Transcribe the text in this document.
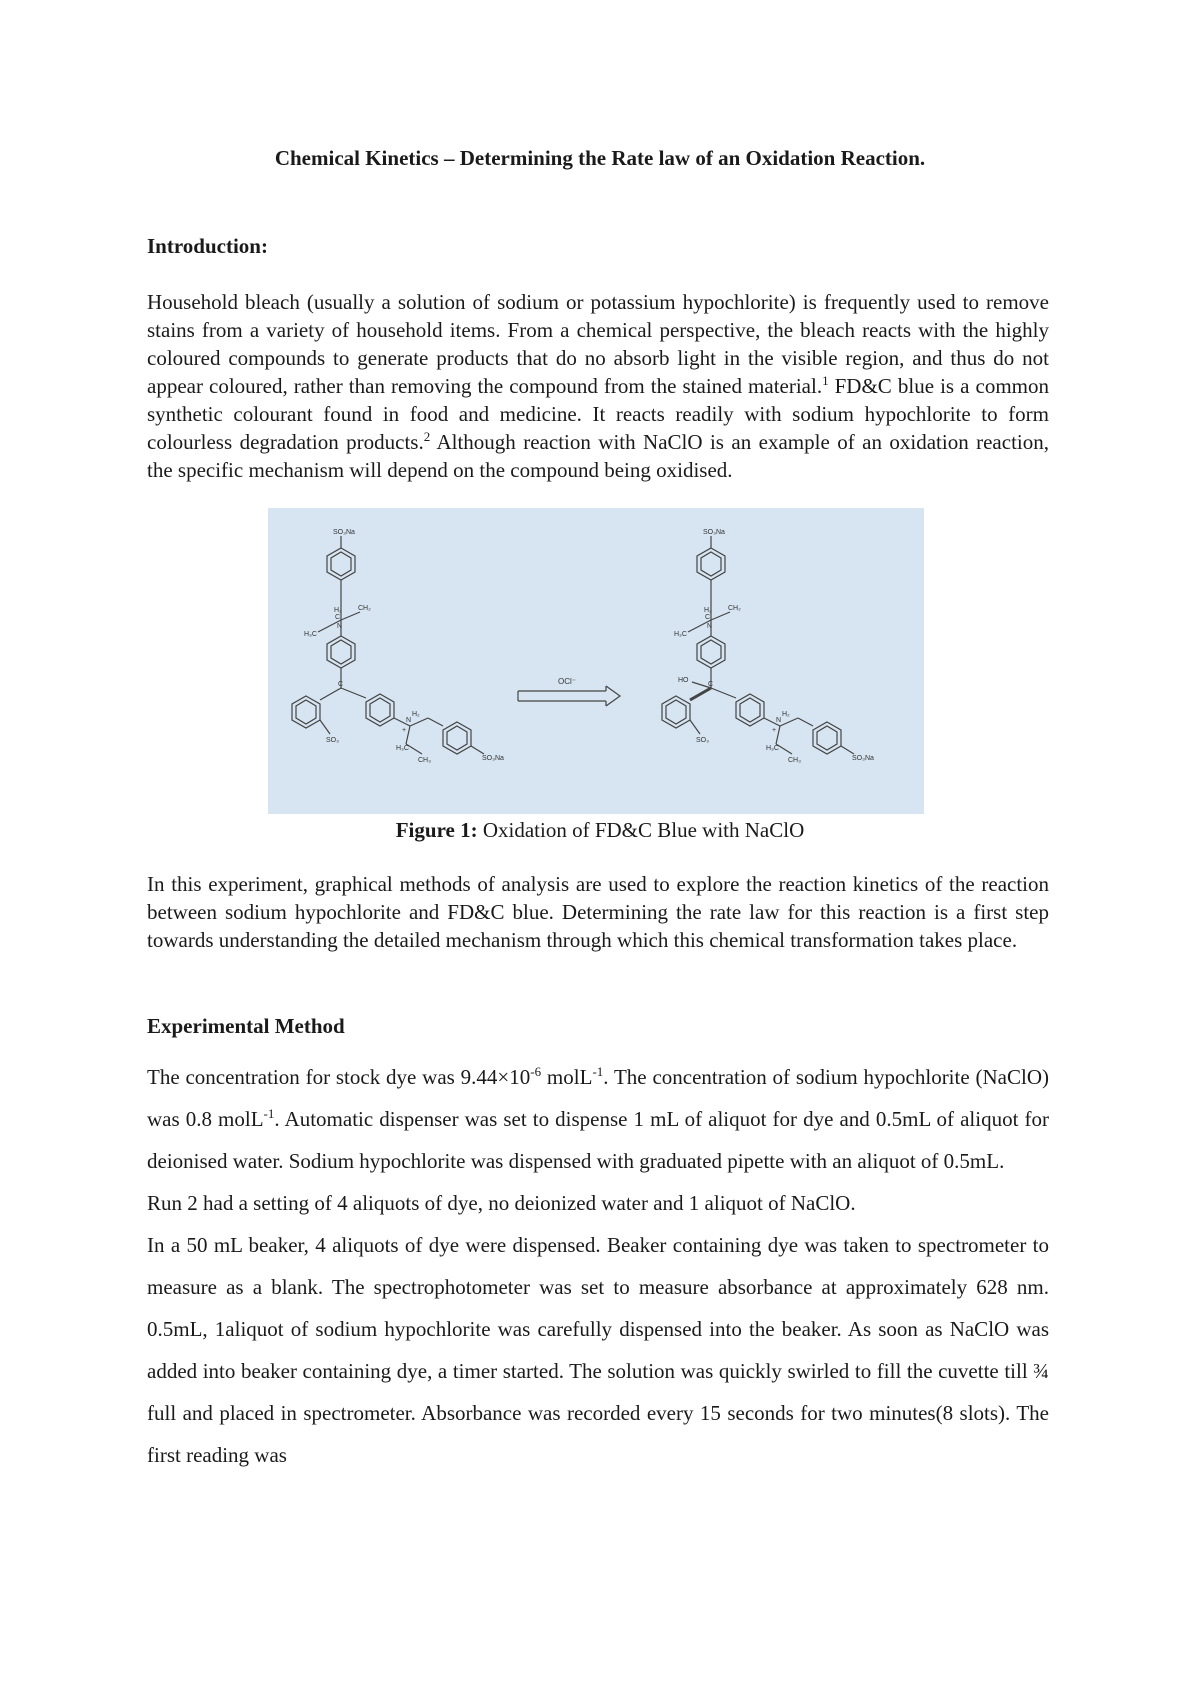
Chemical Kinetics – Determining the Rate law of an Oxidation Reaction.
Introduction:

Household bleach (usually a solution of sodium or potassium hypochlorite) is frequently used to remove stains from a variety of household items. From a chemical perspective, the bleach reacts with the highly coloured compounds to generate products that do no absorb light in the visible region, and thus do not appear coloured, rather than removing the compound from the stained material.$^1$ FD&C blue is a common synthetic colourant found in food and medicine. It reacts readily with sodium hypochlorite to form colourless degradation products.$^2$ Although reaction with NaClO is an example of an oxidation reaction, the specific mechanism will depend on the compound being oxidised.

SO₃Na
H₂
C
H₃C
CH₂
N
C
SO₃
N
+
H₂
H₃C
CH₃	SO₃Na
OCl⁻
SO₃Na
H₂
C
H₃C
CH₂
N
HO
C
SO₃
N
+
H₂
H₃C
CH₃	SO₃Na
Figure 1: Oxidation of FD&C Blue with NaClO

In this experiment, graphical methods of analysis are used to explore the reaction kinetics of the reaction between sodium hypochlorite and FD&C blue. Determining the rate law for this reaction is a first step towards understanding the detailed mechanism through which this chemical transformation takes place.

Experimental Method

The concentration for stock dye was $9.44\times 10^{-6}$ molL$^{-1}$. The concentration of sodium hypochlorite (NaClO) was 0.8 molL$^{-1}$. Automatic dispenser was set to dispense 1 mL of aliquot for dye and 0.5mL of aliquot for deionised water. Sodium hypochlorite was dispensed with graduated pipette with an aliquot of 0.5mL.

Run 2 had a setting of 4 aliquots of dye, no deionized water and 1 aliquot of NaClO.

In a 50 mL beaker, 4 aliquots of dye were dispensed. Beaker containing dye was taken to spectrometer to measure as a blank. The spectrophotometer was set to measure absorbance at approximately 628 nm. 0.5mL, 1aliquot of sodium hypochlorite was carefully dispensed into the beaker. As soon as NaClO was added into beaker containing dye, a timer started. The solution was quickly swirled to fill the cuvette till ¾ full and placed in spectrometer. Absorbance was recorded every 15 seconds for two minutes(8 slots). The first reading was
